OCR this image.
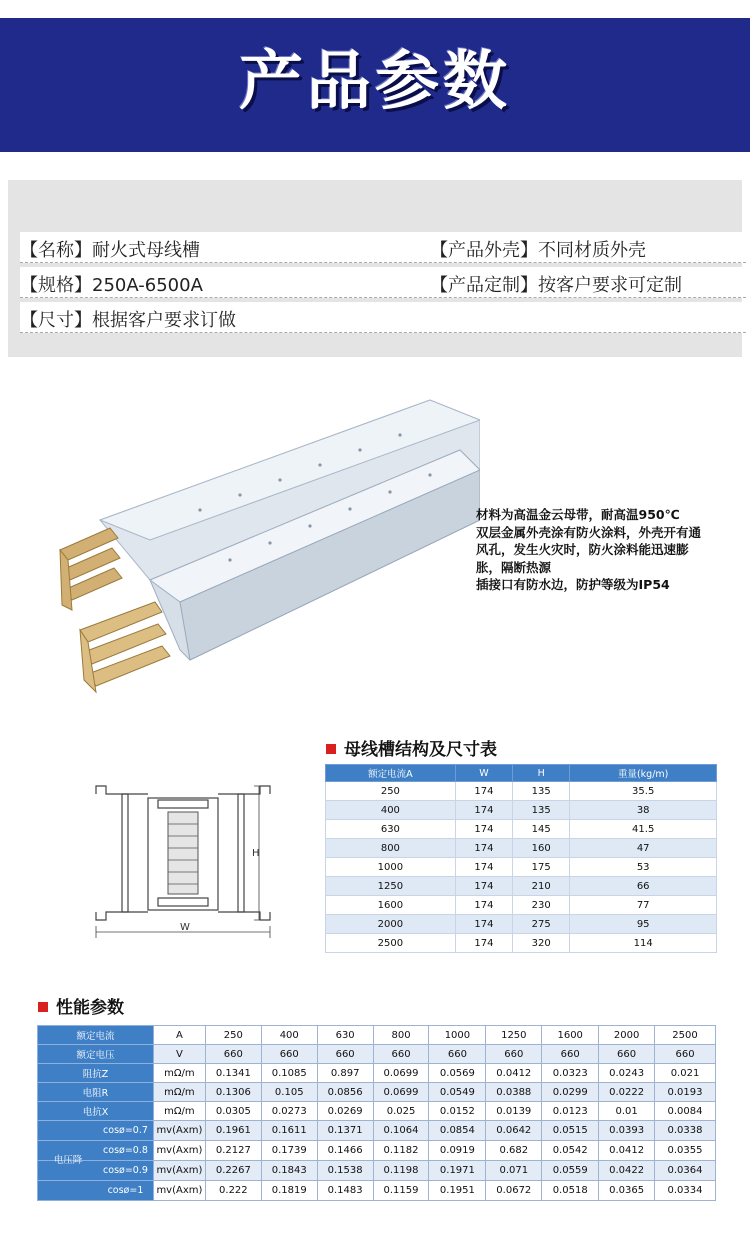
产品参数
【名称】耐火式母线槽	【产品外壳】不同材质外壳
【规格】250A-6500A	【产品定制】按客户要求可定制
【尺寸】根据客户要求订做
材料为高温金云母带，耐高温950℃
双层金属外壳涂有防火涂料，外壳开有通
风孔，发生火灾时，防火涂料能迅速膨
胀，隔断热源
插接口有防水边，防护等级为IP54
母线槽结构及尺寸表
H
W
额定电流A	W	H	重量(kg/m)
250	174	135	35.5
400	174	135	38
630	174	145	41.5
800	174	160	47
1000	174	175	53
1250	174	210	66
1600	174	230	77
2000	174	275	95
2500	174	320	114
性能参数
额定电流	A	250	400	630	800	1000	1250	1600	2000	2500
额定电压	V	660	660	660	660	660	660	660	660	660
阻抗Z	mΩ/m	0.1341	0.1085	0.897	0.0699	0.0569	0.0412	0.0323	0.0243	0.021
电阻R	mΩ/m	0.1306	0.105	0.0856	0.0699	0.0549	0.0388	0.0299	0.0222	0.0193
电抗X	mΩ/m	0.0305	0.0273	0.0269	0.025	0.0152	0.0139	0.0123	0.01	0.0084

电压降
cosø=0.7	mv(Axm)	0.1961	0.1611	0.1371	0.1064	0.0854	0.0642	0.0515	0.0393	0.0338

cosø=0.8	mv(Axm)	0.2127	0.1739	0.1466	0.1182	0.0919	0.682	0.0542	0.0412	0.0355

cosø=0.9	mv(Axm)	0.2267	0.1843	0.1538	0.1198	0.1971	0.071	0.0559	0.0422	0.0364

cosø=1	mv(Axm)	0.222	0.1819	0.1483	0.1159	0.1951	0.0672	0.0518	0.0365	0.0334
